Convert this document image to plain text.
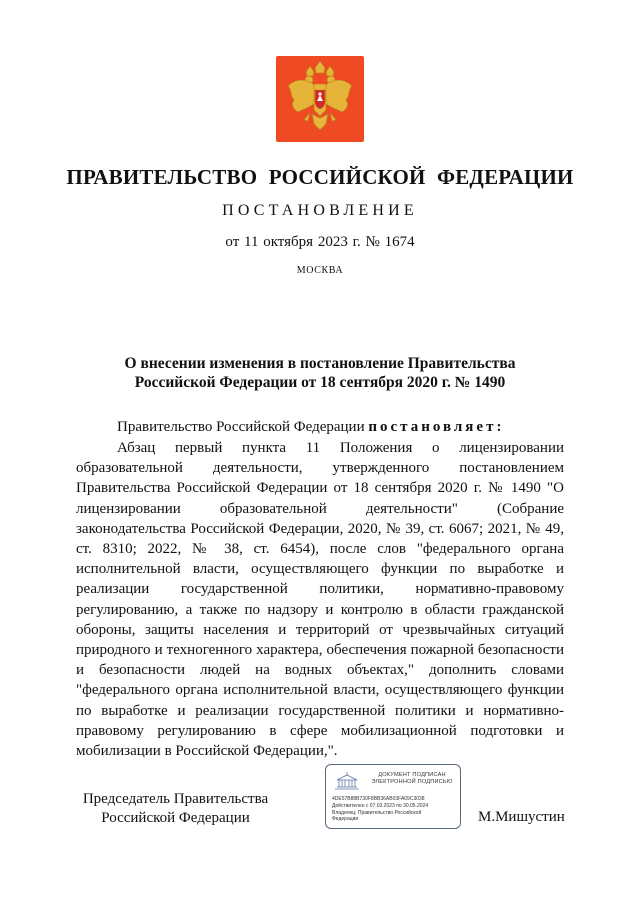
ПРАВИТЕЛЬСТВО РОССИЙСКОЙ ФЕДЕРАЦИИ
ПОСТАНОВЛЕНИЕ
от 11 октября 2023 г. № 1674
МОСКВА
О внесении изменения в постановление Правительства
Российской Федерации от 18 сентября 2020 г. № 1490
Правительство Российской Федерации постановляет:

Абзац первый пункта 11 Положения о лицензировании образовательной деятельности, утвержденного постановлением Правительства Российской Федерации от 18 сентября 2020 г. № 1490 "О лицензировании образовательной деятельности" (Собрание законодательства Российской Федерации, 2020, № 39, ст. 6067; 2021, № 49, ст. 8310; 2022, № 38, ст. 6454), после слов "федерального органа исполнительной власти, осуществляющего функции по выработке и реализации государственной политики, нормативно-правовому регулированию, а также по надзору и контролю в области гражданской обороны, защиты населения и территорий от чрезвычайных ситуаций природного и техногенного характера, обеспечения пожарной безопасности и безопасности людей на водных объектах," дополнить словами "федерального органа исполнительной власти, осуществляющего функции по выработке и реализации государственной политики и нормативно-правовому регулированию в сфере мобилизационной подготовки и мобилизации в Российской Федерации,".

Председатель Правительства
Российской Федерации
ДОКУМЕНТ ПОДПИСАН
ЭЛЕКТРОННОЙ ПОДПИСЬЮ
4DE57B88B730F8BB36AB03FA09C3038
Действителен с 07.03.2023 по 30.05.2024
Владелец: Правительство Российской
Федерации	М.Мишустин
